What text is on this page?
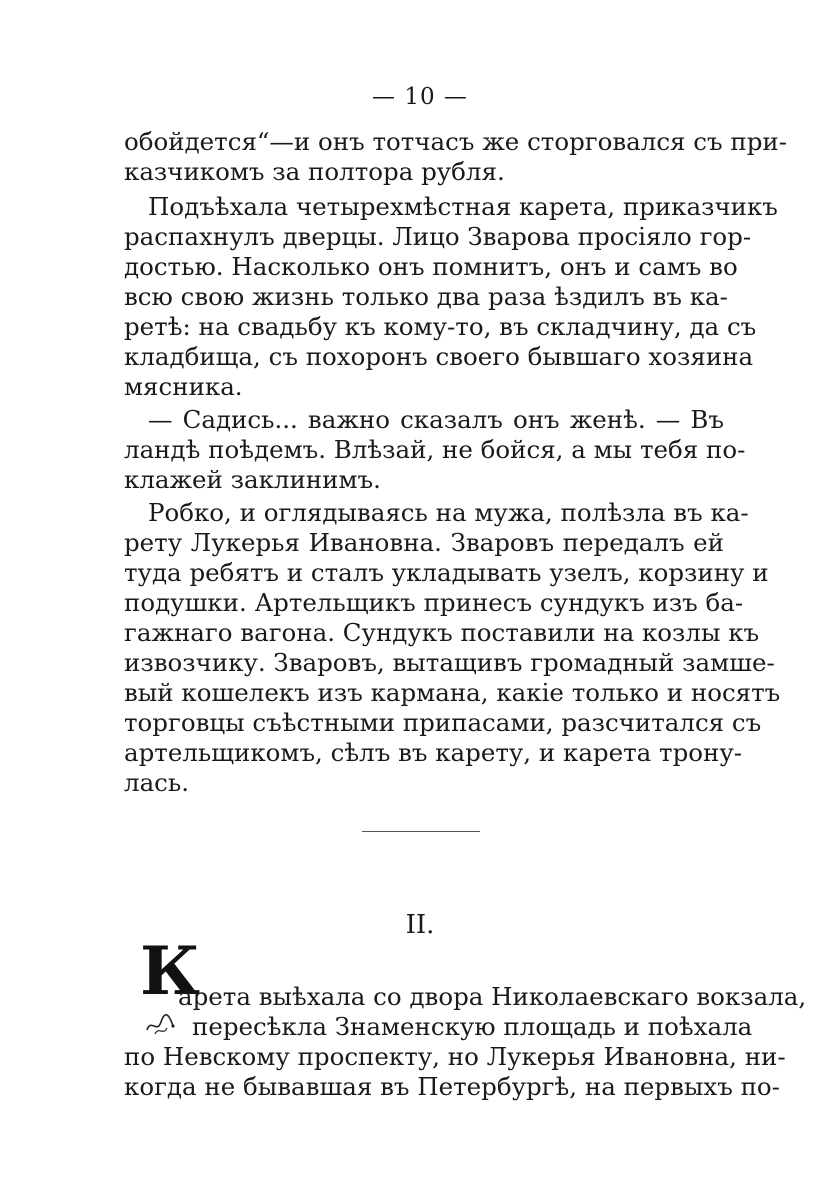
— 10 —
обойдется“—и онъ тотчасъ же сторговался съ при-
казчикомъ за полтора рубля.
Подъѣхала четырехмѣстная карета, приказчикъ
распахнулъ дверцы. Лицо Зварова просіяло гор-
достью. Насколько онъ помнитъ, онъ и самъ во
всю свою жизнь только два раза ѣздилъ въ ка-
ретѣ: на свадьбу къ кому-то, въ складчину, да съ
кладбища, съ похоронъ своего бывшаго хозяина
мясника.
— Садись... важно сказалъ онъ женѣ. — Въ
ландѣ поѣдемъ. Влѣзай, не бойся, а мы тебя по-
клажей заклинимъ.
Робко, и оглядываясь на мужа, полѣзла въ ка-
рету Лукерья Ивановна. Зваровъ передалъ ей
туда ребятъ и сталъ укладывать узелъ, корзину и
подушки. Артельщикъ принесъ сундукъ изъ ба-
гажнаго вагона. Сундукъ поставили на козлы къ
извозчику. Зваровъ, вытащивъ громадный замше-
вый кошелекъ изъ кармана, какіе только и носятъ
торговцы съѣстными припасами, разсчитался съ
артельщикомъ, сѣлъ въ карету, и карета трону-
лась.
II.
К
арета выѣхала со двора Николаевскаго вокзала,
пересѣкла Знаменскую площадь и поѣхала
по Невскому проспекту, но Лукерья Ивановна, ни-
когда не бывавшая въ Петербургѣ, на первыхъ по-
